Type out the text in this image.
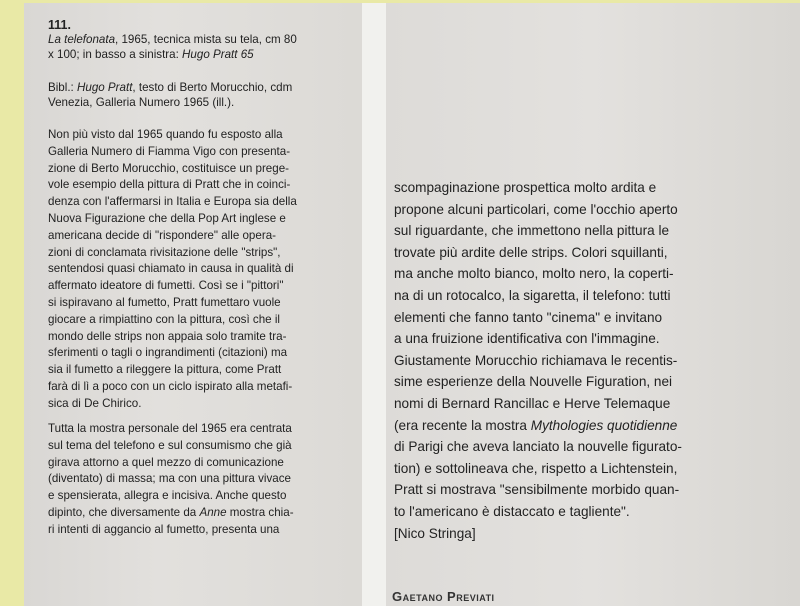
111.
La telefonata, 1965, tecnica mista su tela, cm 80
x 100; in basso a sinistra: Hugo Pratt 65
Bibl.: Hugo Pratt, testo di Berto Morucchio, cdm
Venezia, Galleria Numero 1965 (ill.).
Non più visto dal 1965 quando fu esposto alla
Galleria Numero di Fiamma Vigo con presenta-
zione di Berto Morucchio, costituisce un prege-
vole esempio della pittura di Pratt che in coinci-
denza con l'affermarsi in Italia e Europa sia della
Nuova Figurazione che della Pop Art inglese e
americana decide di "rispondere" alle opera-
zioni di conclamata rivisitazione delle "strips",
sentendosi quasi chiamato in causa in qualità di
affermato ideatore di fumetti. Così se i "pittori"
si ispiravano al fumetto, Pratt fumettaro vuole
giocare a rimpiattino con la pittura, così che il
mondo delle strips non appaia solo tramite tra-
sferimenti o tagli o ingrandimenti (citazioni) ma
sia il fumetto a rileggere la pittura, come Pratt
farà di lì a poco con un ciclo ispirato alla metafi-
sica di De Chirico.
Tutta la mostra personale del 1965 era centrata
sul tema del telefono e sul consumismo che già
girava attorno a quel mezzo di comunicazione
(diventato) di massa; ma con una pittura vivace
e spensierata, allegra e incisiva. Anche questo
dipinto, che diversamente da Anne mostra chia-
ri intenti di aggancio al fumetto, presenta una
Gaetano Previati
scompaginazione prospettica molto ardita e
propone alcuni particolari, come l'occhio aperto
sul riguardante, che immettono nella pittura le
trovate più ardite delle strips. Colori squillanti,
ma anche molto bianco, molto nero, la coperti-
na di un rotocalco, la sigaretta, il telefono: tutti
elementi che fanno tanto "cinema" e invitano
a una fruizione identificativa con l'immagine.
Giustamente Morucchio richiamava le recentis-
sime esperienze della Nouvelle Figuration, nei
nomi di Bernard Rancillac e Herve Telemaque
(era recente la mostra Mythologies quotidienne
di Parigi che aveva lanciato la nouvelle figurato-
tion) e sottolineava che, rispetto a Lichtenstein,
Pratt si mostrava "sensibilmente morbido quan-
to l'americano è distaccato e tagliente".
[Nico Stringa]
